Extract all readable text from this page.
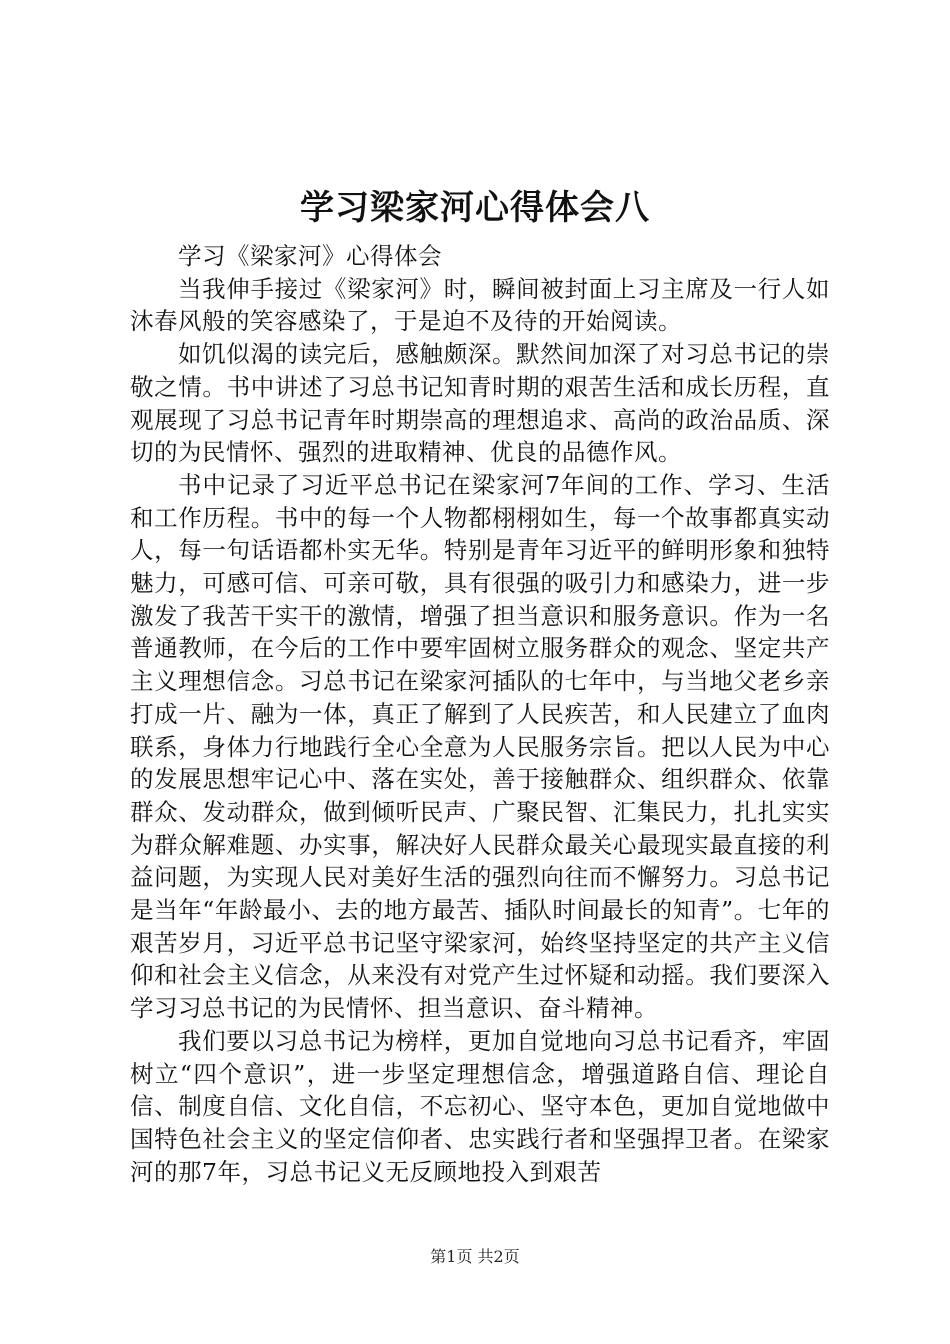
学习梁家河心得体会八

学习《梁家河》心得体会

当我伸手接过《梁家河》时，瞬间被封面上习主席及一行人如沐春风般的笑容感染了，于是迫不及待的开始阅读。

如饥似渴的读完后，感触颇深。默然间加深了对习总书记的崇敬之情。书中讲述了习总书记知青时期的艰苦生活和成长历程，直观展现了习总书记青年时期崇高的理想追求、高尚的政治品质、深切的为民情怀、强烈的进取精神、优良的品德作风。

书中记录了习近平总书记在梁家河7年间的工作、学习、生活和工作历程。书中的每一个人物都栩栩如生，每一个故事都真实动人，每一句话语都朴实无华。特别是青年习近平的鲜明形象和独特魅力，可感可信、可亲可敬，具有很强的吸引力和感染力，进一步激发了我苦干实干的激情，增强了担当意识和服务意识。作为一名普通教师，在今后的工作中要牢固树立服务群众的观念、坚定共产主义理想信念。习总书记在梁家河插队的七年中，与当地父老乡亲打成一片、融为一体，真正了解到了人民疾苦，和人民建立了血肉联系，身体力行地践行全心全意为人民服务宗旨。把以人民为中心的发展思想牢记心中、落在实处，善于接触群众、组织群众、依靠群众、发动群众，做到倾听民声、广聚民智、汇集民力，扎扎实实为群众解难题、办实事，解决好人民群众最关心最现实最直接的利益问题，为实现人民对美好生活的强烈向往而不懈努力。习总书记是当年“年龄最小、去的地方最苦、插队时间最长的知青”。七年的艰苦岁月，习近平总书记坚守梁家河，始终坚持坚定的共产主义信仰和社会主义信念，从来没有对党产生过怀疑和动摇。我们要深入学习习总书记的为民情怀、担当意识、奋斗精神。

我们要以习总书记为榜样，更加自觉地向习总书记看齐，牢固树立“四个意识”，进一步坚定理想信念，增强道路自信、理论自信、制度自信、文化自信，不忘初心、坚守本色，更加自觉地做中国特色社会主义的坚定信仰者、忠实践行者和坚强捍卫者。在梁家河的那7年，习总书记义无反顾地投入到艰苦

第1页 共2页
